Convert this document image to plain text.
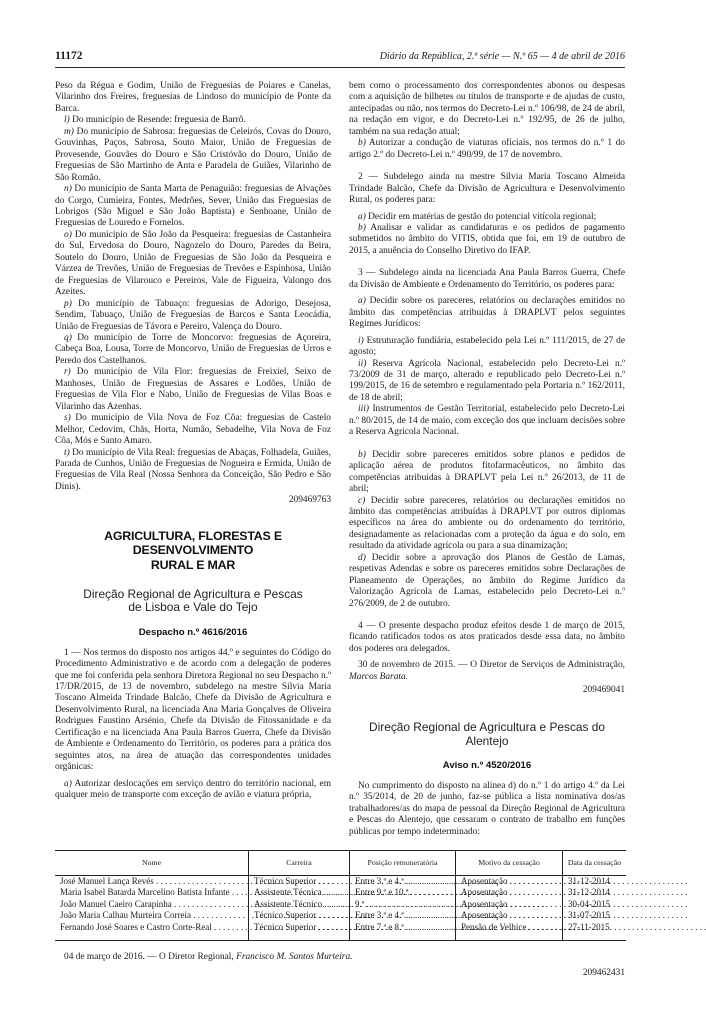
11172	Diário da República, 2.ª série — N.º 65 — 4 de abril de 2016

Peso da Régua e Godim, União de Freguesias de Poiares e Canelas, Vilarinho dos Freires, freguesias de Lindoso do município de Ponte da Barca.

l) Do município de Resende: freguesia de Barrô.

m) Do município de Sabrosa: freguesias de Celeirós, Covas do Douro, Gouvinhas, Paços, Sabrosa, Souto Maior, União de Freguesias de Provesende, Gouvães do Douro e São Cristóvão do Douro, União de Freguesias de São Martinho de Anta e Paradela de Guiães, Vilarinho de São Romão.

n) Do município de Santa Marta de Penaguião: freguesias de Alvações do Corgo, Cumieira, Fontes, Medrões, Sever, União das Freguesias de Lobrigos (São Miguel e São João Baptista) e Senhoane, União de Freguesias de Louredo e Fornelos.

o) Do município de São João da Pesqueira: freguesias de Castanheira do Sul, Ervedosa do Douro, Nagozelo do Douro, Paredes da Beira, Soutelo do Douro, União de Freguesias de São João da Pesqueira e Várzea de Trevões, União de Freguesias de Trevões e Espinhosa, União de Freguesias de Vilarouco e Pereiros, Vale de Figueira, Valongo dos Azeites.

p) Do município de Tabuaço: freguesias de Adorigo, Desejosa, Sendim, Tabuaço, União de Freguesias de Barcos e Santa Leocádia, União de Freguesias de Távora e Pereiro, Valença do Douro.

q) Do município de Torre de Moncorvo: freguesias de Açoreira, Cabeça Boa, Lousa, Torre de Moncorvo, União de Freguesias de Urros e Peredo dos Castelhanos.

r) Do município de Vila Flor: freguesias de Freixiel, Seixo de Manhoses, União de Freguesias de Assares e Lodões, União de Freguesias de Vila Flor e Nabo, União de Freguesias de Vilas Boas e Vilarinho das Azenhas.

s) Do município de Vila Nova de Foz Côa: freguesias de Castelo Melhor, Cedovim, Chãs, Horta, Numão, Sebadelhe, Vila Nova de Foz Côa, Mós e Santo Amaro.

t) Do município de Vila Real: freguesias de Abaças, Folhadela, Guiães, Parada de Cunhos, União de Freguesias de Nogueira e Ermida, União de Freguesias de Vila Real (Nossa Senhora da Conceição, São Pedro e São Dinis).

209469763

AGRICULTURA, FLORESTAS E DESENVOLVIMENTO
RURAL E MAR

Direção Regional de Agricultura e Pescas
de Lisboa e Vale do Tejo

Despacho n.º 4616/2016

1 — Nos termos do disposto nos artigos 44.º e seguintes do Código do Procedimento Administrativo e de acordo com a delegação de poderes que me foi conferida pela senhora Diretora Regional no seu Despacho n.º 17/DR/2015, de 13 de novembro, subdelego na mestre Sílvia Maria Toscano Almeida Trindade Balcão, Chefe da Divisão de Agricultura e Desenvolvimento Rural, na licenciada Ana Maria Gonçalves de Oliveira Rodrigues Faustino Arsénio, Chefe da Divisão de Fitossanidade e da Certificação e na licenciada Ana Paula Barros Guerra, Chefe da Divisão de Ambiente e Ordenamento do Território, os poderes para a prática dos seguintes atos, na área de atuação das correspondentes unidades orgânicas:

a) Autorizar deslocações em serviço dentro do território nacional, em qualquer meio de transporte com exceção de avião e viatura própria,

bem como o processamento dos correspondentes abonos ou despesas com a aquisição de bilhetes ou títulos de transporte e de ajudas de custo, antecipadas ou não, nos termos do Decreto-Lei n.º 106/98, de 24 de abril, na redação em vigor, e do Decreto-Lei n.º 192/95, de 26 de julho, também na sua redação atual;

b) Autorizar a condução de viaturas oficiais, nos termos do n.º 1 do artigo 2.º do Decreto-Lei n.º 490/99, de 17 de novembro.

2 — Subdelego ainda na mestre Sílvia Maria Toscano Almeida Trindade Balcão, Chefe da Divisão de Agricultura e Desenvolvimento Rural, os poderes para:

a) Decidir em matérias de gestão do potencial vitícola regional;

b) Analisar e validar as candidaturas e os pedidos de pagamento submetidos no âmbito do VITIS, obtida que foi, em 19 de outubro de 2015, a anuência do Conselho Diretivo do IFAP.

3 — Subdelego ainda na licenciada Ana Paula Barros Guerra, Chefe da Divisão de Ambiente e Ordenamento do Território, os poderes para:

a) Decidir sobre os pareceres, relatórios ou declarações emitidos no âmbito das competências atribuídas à DRAPLVT pelos seguintes Regimes Jurídicos:

i) Estruturação fundiária, estabelecido pela Lei n.º 111/2015, de 27 de agosto;

ii) Reserva Agrícola Nacional, estabelecido pelo Decreto-Lei n.º 73/2009 de 31 de março, alterado e republicado pelo Decreto-Lei n.º 199/2015, de 16 de setembro e regulamentado pela Portaria n.º 162/2011, de 18 de abril;

iii) Instrumentos de Gestão Territorial, estabelecido pelo Decreto-Lei n.º 80/2015, de 14 de maio, com exceção dos que incluam decisões sobre a Reserva Agrícola Nacional.

b) Decidir sobre pareceres emitidos sobre planos e pedidos de aplicação aérea de produtos fitofarmacêuticos, no âmbito das competências atribuídas à DRAPLVT pela Lei n.º 26/2013, de 11 de abril;

c) Decidir sobre pareceres, relatórios ou declarações emitidos no âmbito das competências atribuídas à DRAPLVT por outros diplomas específicos na área do ambiente ou do ordenamento do território, designadamente as relacionadas com a proteção da água e do solo, em resultado da atividade agrícola ou para a sua dinamização;

d) Decidir sobre a aprovação dos Planos de Gestão de Lamas, respetivas Adendas e sobre os pareceres emitidos sobre Declarações de Planeamento de Operações, no âmbito do Regime Jurídico da Valorização Agrícola de Lamas, estabelecido pelo Decreto-Lei n.º 276/2009, de 2 de outubro.

4 — O presente despacho produz efeitos desde 1 de março de 2015, ficando ratificados todos os atos praticados desde essa data, no âmbito dos poderes ora delegados.

30 de novembro de 2015. — O Diretor de Serviços de Administração, Marcos Barata.

209469041

Direção Regional de Agricultura e Pescas do Alentejo

Aviso n.º 4520/2016

No cumprimento do disposto na alínea d) do n.º 1 do artigo 4.º da Lei n.º 35/2014, de 20 de junho, faz-se pública a lista nominativa dos/as trabalhadores/as do mapa de pessoal da Direção Regional de Agricultura e Pescas do Alentejo, que cessaram o contrato de trabalho em funções públicas por tempo indeterminado:

Nome	Carreira	Posição remuneratória	Motivo da cessação	Data da cessação

José Manuel Lança Revés
. . .	Técnico Superior
. . .	Entre 3.ª e 4.ª
. . .	Aposentação
. . .	31-12-2014

Maria Isabel Batarda Marcelino Batista Infante
. . .	Assistente Técnica
. . .	Entre 9.ª e 10.ª
. . .	Aposentação
. . .	31-12-2014

João Manuel Caeiro Carapinha
. . .	Assistente Técnico
. . .	9.ª
. . .	Aposentação
. . .	30-04-2015

João Maria Calhau Murteira Correia
. . .	Técnico Superior
. . .	Entre 3.ª e 4.ª
. . .	Aposentação
. . .	31-07-2015

Fernando José Soares e Castro Corte-Real
. . .	Técnico Superior
. . .	Entre 7.ª e 8.ª
. . .	Pensão de Velhice
. . .	27-11-2015

04 de março de 2016. — O Diretor Regional, Francisco M. Santos Murteira.

209462431
